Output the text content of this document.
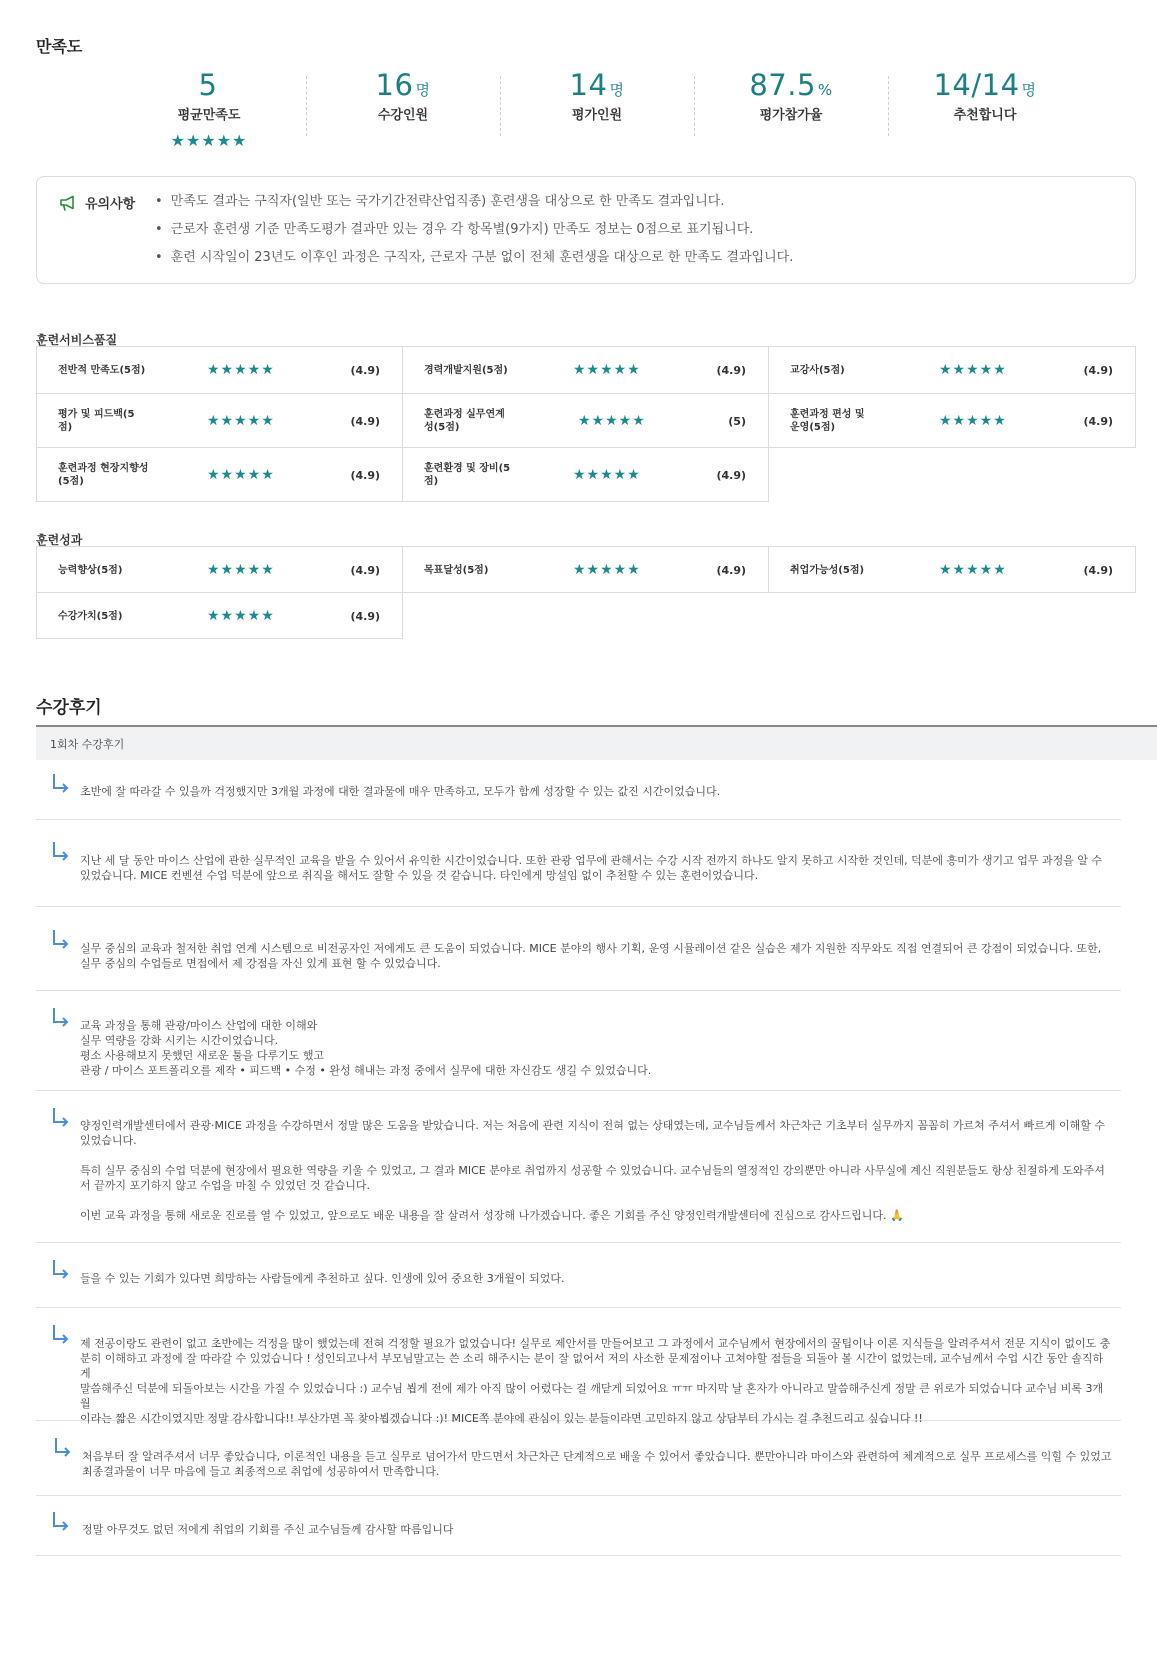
만족도
5
평균만족도
★★★★★
16 명
수강인원
14 명
평가인원
87.5 %
평가참가율
14/14 명
추천합니다
유의사항
•	만족도 결과는 구직자(일반 또는 국가기간전략산업직종) 훈련생을 대상으로 한 만족도 결과입니다.
• 근로자 훈련생 기준 만족도평가 결과만 있는 경우 각 항목별(9가지) 만족도 정보는 0점으로 표기됩니다.
• 훈련 시작일이 23년도 이후인 과정은 구직자, 근로자 구분 없이 전체 훈련생을 대상으로 한 만족도 결과입니다.
훈련서비스품질
전반적 만족도(5점)	★★★★★	(4.9)	경력개발지원(5점)	★★★★★	(4.9)	교강사(5점)	★★★★★	(4.9)
평가 및 피드백(5점)	★★★★★	(4.9)
훈련과정 실무연계성(5점)	★★★★★	(5)
훈련과정 편성 및 운영(5점)	★★★★★	(4.9)
훈련과정 현장지향성(5점)	★★★★★	(4.9)
훈련환경 및 장비(5점)	★★★★★	(4.9)
훈련성과
능력향상(5점)	★★★★★	(4.9)	목표달성(5점)	★★★★★	(4.9)	취업가능성(5점)	★★★★★	(4.9)
수강가치(5점)	★★★★★	(4.9)
수강후기
1회차 수강후기
초반에 잘 따라갈 수 있을까 걱정했지만 3개월 과정에 대한 결과물에 매우 만족하고, 모두가 함께 성장할 수 있는 값진 시간이었습니다.
지난 세 달 동안 마이스 산업에 관한 실무적인 교육을 받을 수 있어서 유익한 시간이었습니다. 또한 관광 업무에 관해서는 수강 시작 전까지 하나도 알지 못하고 시작한 것인데, 덕분에 흥미가 생기고 업무 과정을 알 수
있었습니다. MICE 컨벤션 수업 덕분에 앞으로 취직을 해서도 잘할 수 있을 것 같습니다. 타인에게 망설임 없이 추천할 수 있는 훈련이었습니다.
실무 중심의 교육과 철저한 취업 연계 시스템으로 비전공자인 저에게도 큰 도움이 되었습니다. MICE 분야의 행사 기획, 운영 시뮬레이션 같은 실습은 제가 지원한 직무와도 직접 연결되어 큰 강점이 되었습니다. 또한,
실무 중심의 수업들로 면접에서 제 강점을 자신 있게 표현 할 수 있었습니다.
교육 과정을 통해 관광/마이스 산업에 대한 이해와
실무 역량을 강화 시키는 시간이었습니다.
평소 사용해보지 못했던 새로운 툴을 다루기도 했고
관광 / 마이스 포트폴리오를 제작 • 피드백 • 수정 • 완성 해내는 과정 중에서 실무에 대한 자신감도 생길 수 있었습니다.
양정인력개발센터에서 관광·MICE 과정을 수강하면서 정말 많은 도움을 받았습니다. 저는 처음에 관련 지식이 전혀 없는 상태였는데, 교수님들께서 차근차근 기초부터 실무까지 꼼꼼히 가르쳐 주셔서 빠르게 이해할 수
있었습니다.

특히 실무 중심의 수업 덕분에 현장에서 필요한 역량을 키울 수 있었고, 그 결과 MICE 분야로 취업까지 성공할 수 있었습니다. 교수님들의 열정적인 강의뿐만 아니라 사무실에 계신 직원분들도 항상 친절하게 도와주셔
서 끝까지 포기하지 않고 수업을 마칠 수 있었던 것 같습니다.

이번 교육 과정을 통해 새로운 진로를 열 수 있었고, 앞으로도 배운 내용을 잘 살려서 성장해 나가겠습니다. 좋은 기회를 주신 양정인력개발센터에 진심으로 감사드립니다. 🙏
들을 수 있는 기회가 있다면 희망하는 사람들에게 추천하고 싶다. 인생에 있어 중요한 3개월이 되었다.
제 전공이랑도 관련이 없고 초반에는 걱정을 많이 했었는데 전혀 걱정할 필요가 없었습니다! 실무로 제안서를 만들어보고 그 과정에서 교수님께서 현장에서의 꿀팁이나 이론 지식들을 알려주셔서 전문 지식이 없이도 충
분히 이해하고 과정에 잘 따라갈 수 있었습니다 ! 성인되고나서 부모님말고는 쓴 소리 해주시는 분이 잘 없어서 저의 사소한 문제점이나 고쳐야할 점들을 되돌아 볼 시간이 없었는데, 교수님께서 수업 시간 동안 솔직하게
말씀해주신 덕분에 되돌아보는 시간을 가질 수 있었습니다 :) 교수님 뵙게 전에 제가 아직 많이 어렸다는 걸 깨닫게 되었어요 ㅠㅠ 마지막 날 혼자가 아니라고 말씀해주신게 정말 큰 위로가 되었습니다 교수님 비록 3개월
이라는 짧은 시간이였지만 정말 감사합니다!! 부산가면 꼭 찾아뵙겠습니다 :)! MICE쪽 분야에 관심이 있는 분들이라면 고민하지 않고 상담부터 가시는 걸 추천드리고 싶습니다 !!
처음부터 잘 알려주셔서 너무 좋았습니다, 이론적인 내용을 듣고 실무로 넘어가서 만드면서 차근차근 단계적으로 배울 수 있어서 좋았습니다. 뿐만아니라 마이스와 관련하여 체계적으로 실무 프로세스를 익힐 수 있었고
최종결과물이 너무 마음에 들고 최종적으로 취업에 성공하여서 만족합니다.
정말 아무것도 없던 저에게 취업의 기회를 주신 교수님들께 감사할 따름입니다
